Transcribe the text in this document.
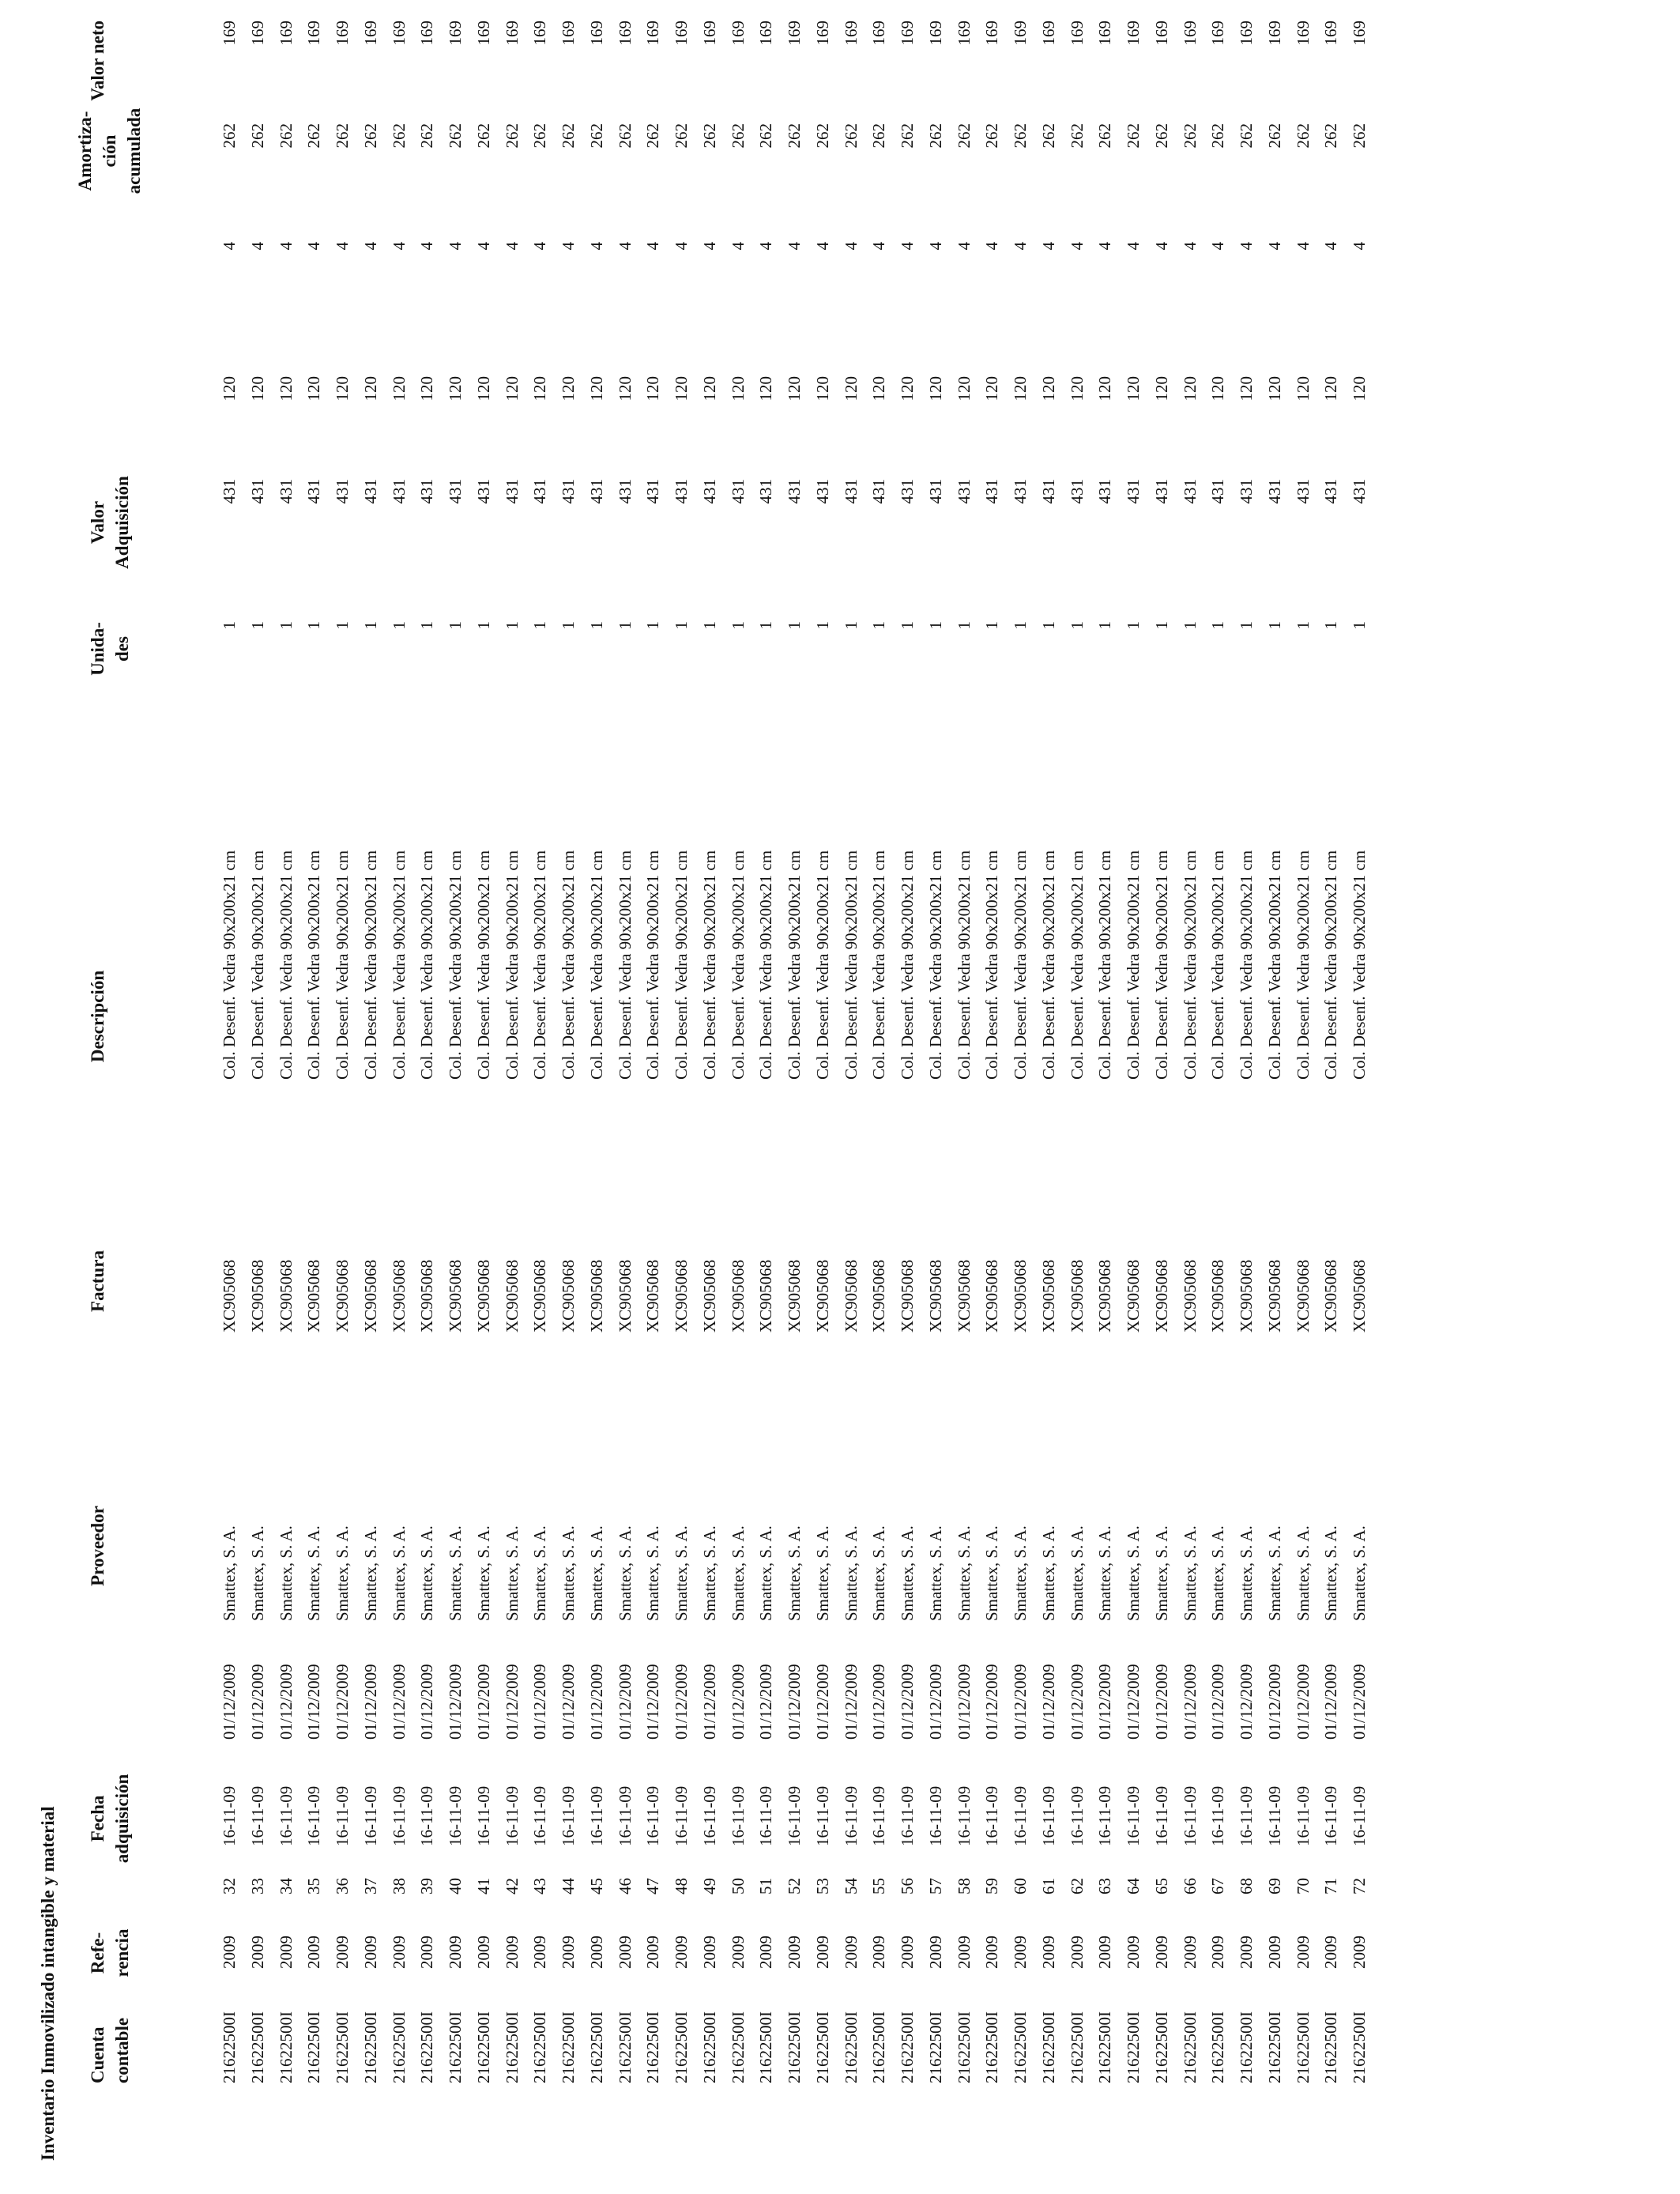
Inventario Inmovilizado intangible y material Cuenta
contable
Refe-
rencia
Fecha
adquisición
Proveedor
Factura
Descripción
Unida-
des
Valor
Adquisición
Amortiza-
ción
acumulada
Valor neto
21622500I
2009
32
16-11-09
01/12/2009
Smattex, S. A.
XC905068
Col. Desenf. Vedra 90x200x21 cm
1
431
120
4
262
169
21622500I
2009
33
16-11-09
01/12/2009
Smattex, S. A.
XC905068
Col. Desenf. Vedra 90x200x21 cm
1
431
120
4
262
169
21622500I
2009
34
16-11-09
01/12/2009
Smattex, S. A.
XC905068
Col. Desenf. Vedra 90x200x21 cm
1
431
120
4
262
169
21622500I
2009
35
16-11-09
01/12/2009
Smattex, S. A.
XC905068
Col. Desenf. Vedra 90x200x21 cm
1
431
120
4
262
169
21622500I
2009
36
16-11-09
01/12/2009
Smattex, S. A.
XC905068
Col. Desenf. Vedra 90x200x21 cm
1
431
120
4
262
169
21622500I
2009
37
16-11-09
01/12/2009
Smattex, S. A.
XC905068
Col. Desenf. Vedra 90x200x21 cm
1
431
120
4
262
169
21622500I
2009
38
16-11-09
01/12/2009
Smattex, S. A.
XC905068
Col. Desenf. Vedra 90x200x21 cm
1
431
120
4
262
169
21622500I
2009
39
16-11-09
01/12/2009
Smattex, S. A.
XC905068
Col. Desenf. Vedra 90x200x21 cm
1
431
120
4
262
169
21622500I
2009
40
16-11-09
01/12/2009
Smattex, S. A.
XC905068
Col. Desenf. Vedra 90x200x21 cm
1
431
120
4
262
169
21622500I
2009
41
16-11-09
01/12/2009
Smattex, S. A.
XC905068
Col. Desenf. Vedra 90x200x21 cm
1
431
120
4
262
169
21622500I
2009
42
16-11-09
01/12/2009
Smattex, S. A.
XC905068
Col. Desenf. Vedra 90x200x21 cm
1
431
120
4
262
169
21622500I
2009
43
16-11-09
01/12/2009
Smattex, S. A.
XC905068
Col. Desenf. Vedra 90x200x21 cm
1
431
120
4
262
169
21622500I
2009
44
16-11-09
01/12/2009
Smattex, S. A.
XC905068
Col. Desenf. Vedra 90x200x21 cm
1
431
120
4
262
169
21622500I
2009
45
16-11-09
01/12/2009
Smattex, S. A.
XC905068
Col. Desenf. Vedra 90x200x21 cm
1
431
120
4
262
169
21622500I
2009
46
16-11-09
01/12/2009
Smattex, S. A.
XC905068
Col. Desenf. Vedra 90x200x21 cm
1
431
120
4
262
169
21622500I
2009
47
16-11-09
01/12/2009
Smattex, S. A.
XC905068
Col. Desenf. Vedra 90x200x21 cm
1
431
120
4
262
169
21622500I
2009
48
16-11-09
01/12/2009
Smattex, S. A.
XC905068
Col. Desenf. Vedra 90x200x21 cm
1
431
120
4
262
169
21622500I
2009
49
16-11-09
01/12/2009
Smattex, S. A.
XC905068
Col. Desenf. Vedra 90x200x21 cm
1
431
120
4
262
169
21622500I
2009
50
16-11-09
01/12/2009
Smattex, S. A.
XC905068
Col. Desenf. Vedra 90x200x21 cm
1
431
120
4
262
169
21622500I
2009
51
16-11-09
01/12/2009
Smattex, S. A.
XC905068
Col. Desenf. Vedra 90x200x21 cm
1
431
120
4
262
169
21622500I
2009
52
16-11-09
01/12/2009
Smattex, S. A.
XC905068
Col. Desenf. Vedra 90x200x21 cm
1
431
120
4
262
169
21622500I
2009
53
16-11-09
01/12/2009
Smattex, S. A.
XC905068
Col. Desenf. Vedra 90x200x21 cm
1
431
120
4
262
169
21622500I
2009
54
16-11-09
01/12/2009
Smattex, S. A.
XC905068
Col. Desenf. Vedra 90x200x21 cm
1
431
120
4
262
169
21622500I
2009
55
16-11-09
01/12/2009
Smattex, S. A.
XC905068
Col. Desenf. Vedra 90x200x21 cm
1
431
120
4
262
169
21622500I
2009
56
16-11-09
01/12/2009
Smattex, S. A.
XC905068
Col. Desenf. Vedra 90x200x21 cm
1
431
120
4
262
169
21622500I
2009
57
16-11-09
01/12/2009
Smattex, S. A.
XC905068
Col. Desenf. Vedra 90x200x21 cm
1
431
120
4
262
169
21622500I
2009
58
16-11-09
01/12/2009
Smattex, S. A.
XC905068
Col. Desenf. Vedra 90x200x21 cm
1
431
120
4
262
169
21622500I
2009
59
16-11-09
01/12/2009
Smattex, S. A.
XC905068
Col. Desenf. Vedra 90x200x21 cm
1
431
120
4
262
169
21622500I
2009
60
16-11-09
01/12/2009
Smattex, S. A.
XC905068
Col. Desenf. Vedra 90x200x21 cm
1
431
120
4
262
169
21622500I
2009
61
16-11-09
01/12/2009
Smattex, S. A.
XC905068
Col. Desenf. Vedra 90x200x21 cm
1
431
120
4
262
169
21622500I
2009
62
16-11-09
01/12/2009
Smattex, S. A.
XC905068
Col. Desenf. Vedra 90x200x21 cm
1
431
120
4
262
169
21622500I
2009
63
16-11-09
01/12/2009
Smattex, S. A.
XC905068
Col. Desenf. Vedra 90x200x21 cm
1
431
120
4
262
169
21622500I
2009
64
16-11-09
01/12/2009
Smattex, S. A.
XC905068
Col. Desenf. Vedra 90x200x21 cm
1
431
120
4
262
169
21622500I
2009
65
16-11-09
01/12/2009
Smattex, S. A.
XC905068
Col. Desenf. Vedra 90x200x21 cm
1
431
120
4
262
169
21622500I
2009
66
16-11-09
01/12/2009
Smattex, S. A.
XC905068
Col. Desenf. Vedra 90x200x21 cm
1
431
120
4
262
169
21622500I
2009
67
16-11-09
01/12/2009
Smattex, S. A.
XC905068
Col. Desenf. Vedra 90x200x21 cm
1
431
120
4
262
169
21622500I
2009
68
16-11-09
01/12/2009
Smattex, S. A.
XC905068
Col. Desenf. Vedra 90x200x21 cm
1
431
120
4
262
169
21622500I
2009
69
16-11-09
01/12/2009
Smattex, S. A.
XC905068
Col. Desenf. Vedra 90x200x21 cm
1
431
120
4
262
169
21622500I
2009
70
16-11-09
01/12/2009
Smattex, S. A.
XC905068
Col. Desenf. Vedra 90x200x21 cm
1
431
120
4
262
169
21622500I
2009
71
16-11-09
01/12/2009
Smattex, S. A.
XC905068
Col. Desenf. Vedra 90x200x21 cm
1
431
120
4
262
169
21622500I
2009
72
16-11-09
01/12/2009
Smattex, S. A.
XC905068
Col. Desenf. Vedra 90x200x21 cm
1
431
120
4
262
169
